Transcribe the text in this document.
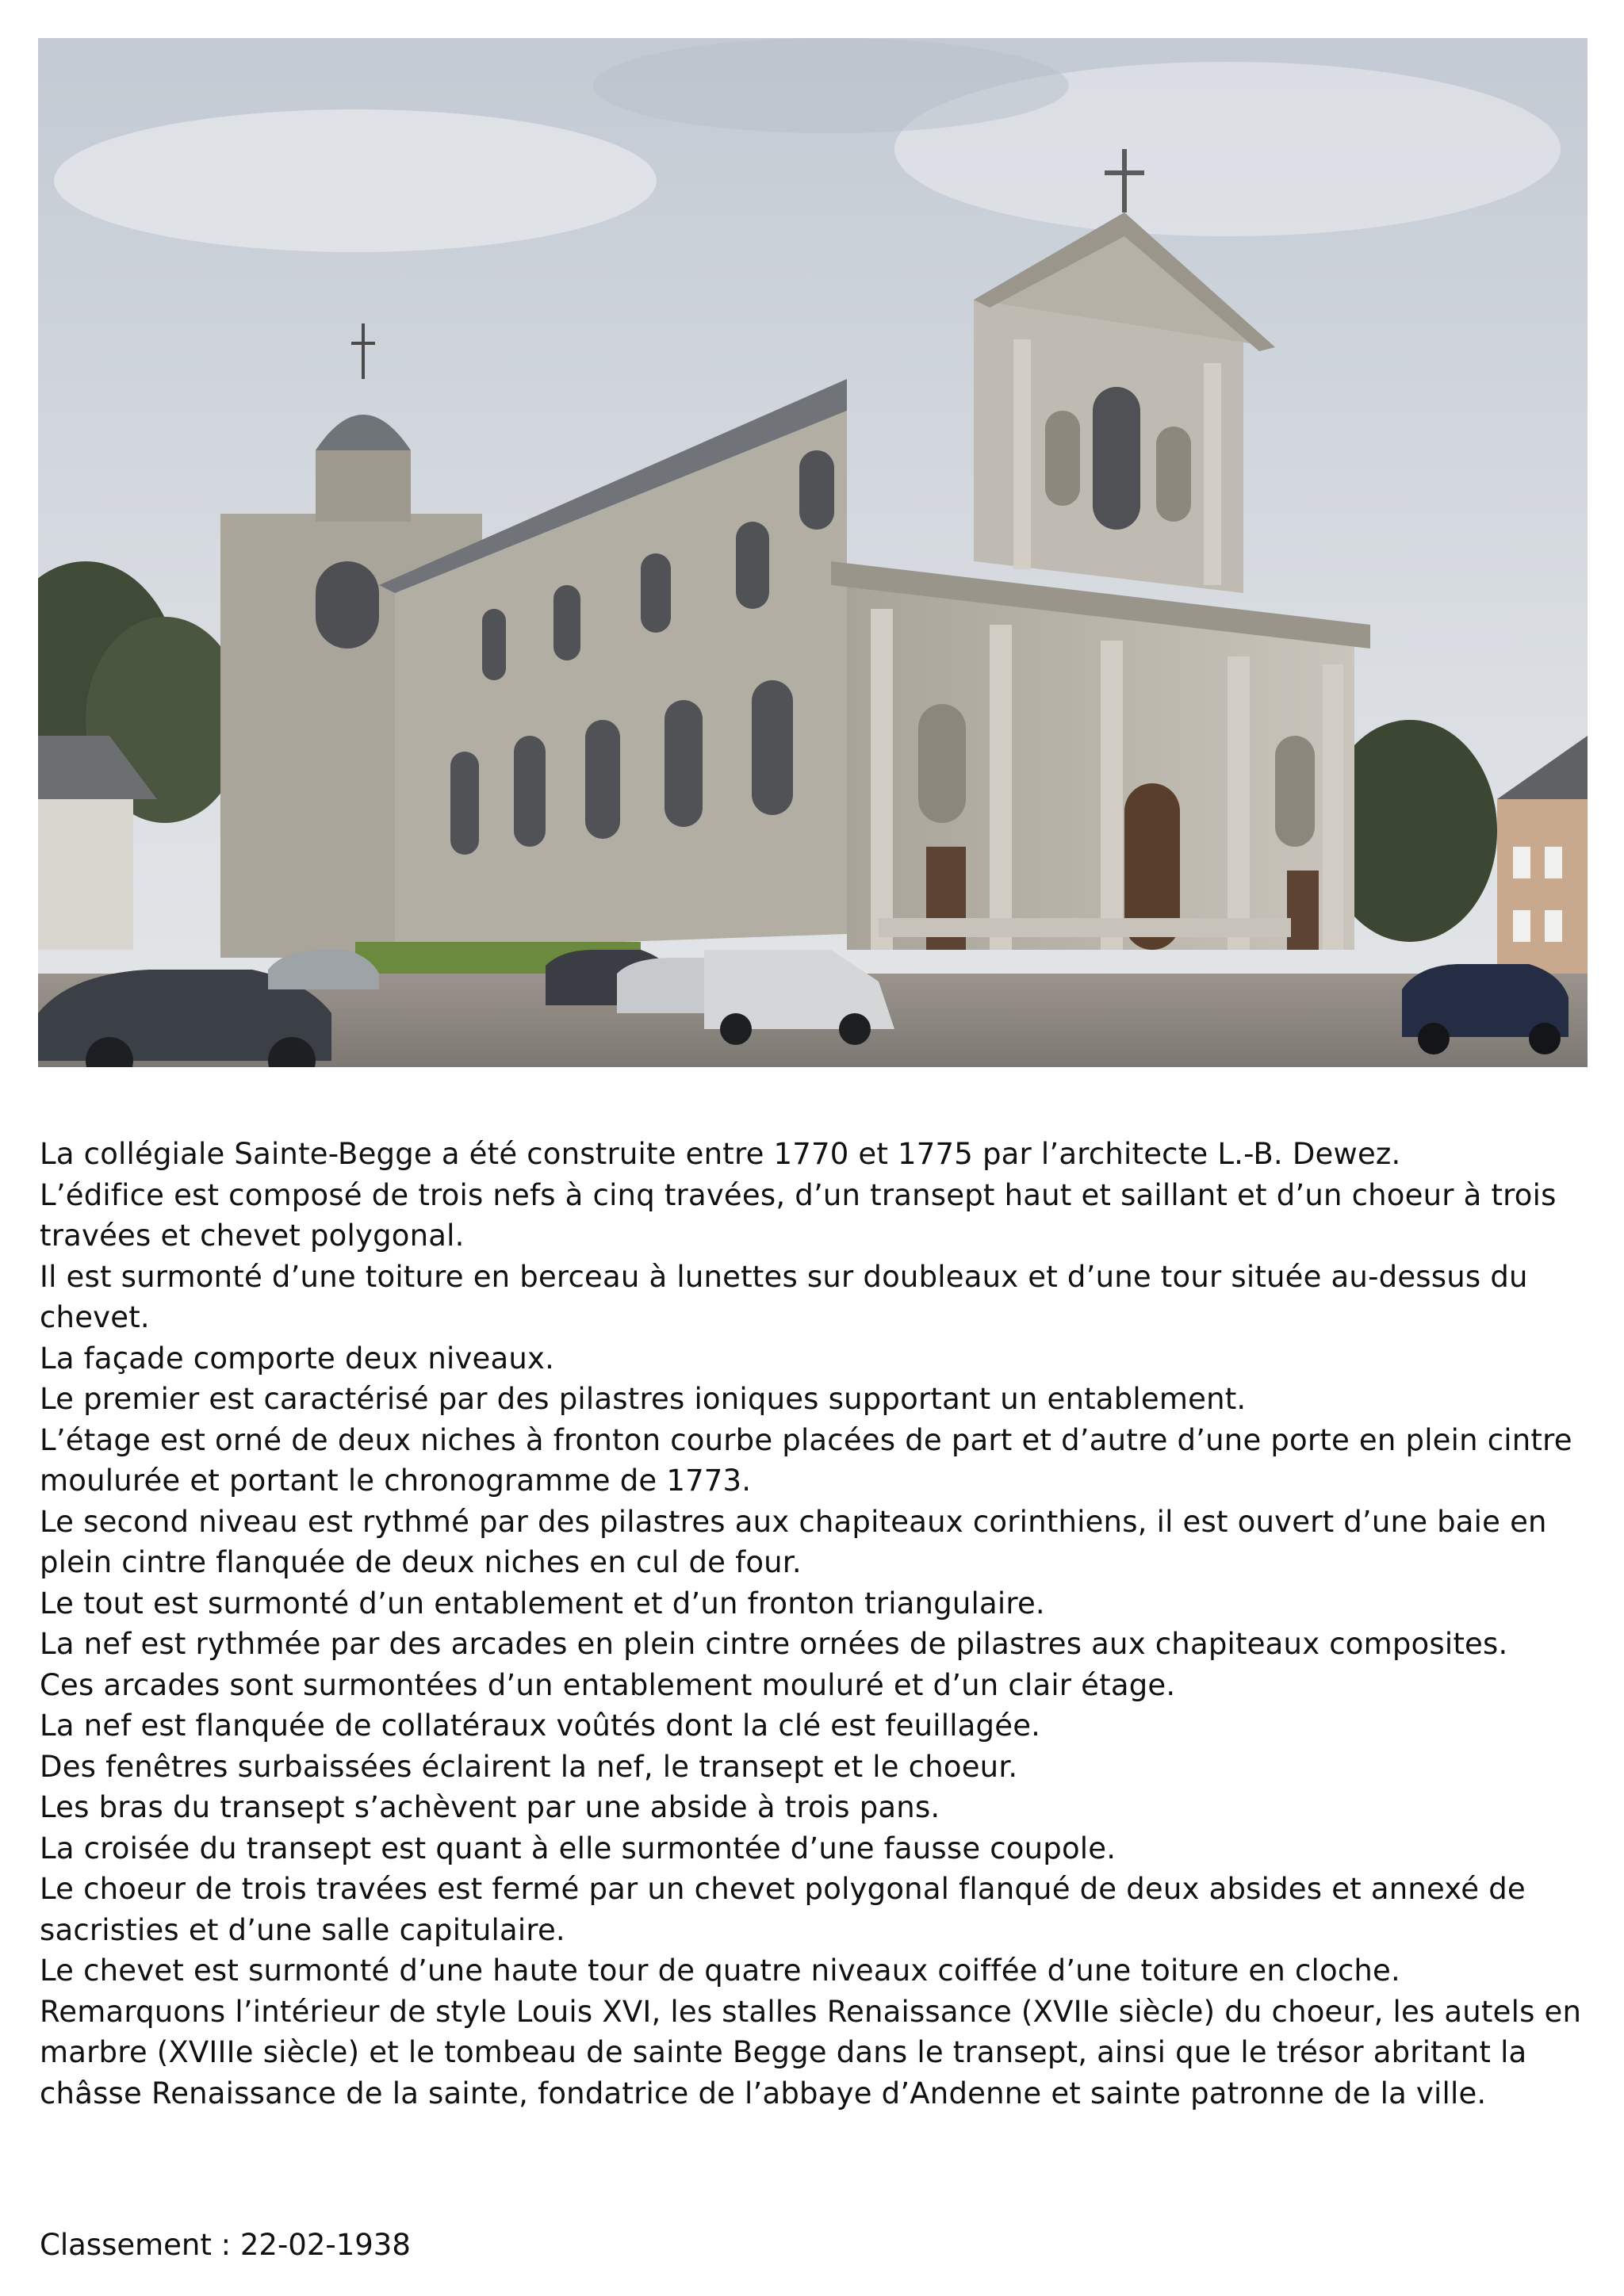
La collégiale Sainte-Begge a été construite entre 1770 et 1775 par l’architecte L.-B. Dewez.

L’édifice est composé de trois nefs à cinq travées, d’un transept haut et saillant et d’un choeur à trois travées et chevet polygonal.

Il est surmonté d’une toiture en berceau à lunettes sur doubleaux et d’une tour située au-dessus du chevet.

La façade comporte deux niveaux.

Le premier est caractérisé par des pilastres ioniques supportant un entablement.

L’étage est orné de deux niches à fronton courbe placées de part et d’autre d’une porte en plein cintre moulurée et portant le chronogramme de 1773.

Le second niveau est rythmé par des pilastres aux chapiteaux corinthiens, il est ouvert d’une baie en plein cintre flanquée de deux niches en cul de four.

Le tout est surmonté d’un entablement et d’un fronton triangulaire.

La nef est rythmée par des arcades en plein cintre ornées de pilastres aux chapiteaux composites.

Ces arcades sont surmontées d’un entablement mouluré et d’un clair étage.

La nef est flanquée de collatéraux voûtés dont la clé est feuillagée.

Des fenêtres surbaissées éclairent la nef, le transept et le choeur.

Les bras du transept s’achèvent par une abside à trois pans.

La croisée du transept est quant à elle surmontée d’une fausse coupole.

Le choeur de trois travées est fermé par un chevet polygonal flanqué de deux absides et annexé de sacristies et d’une salle capitulaire.

Le chevet est surmonté d’une haute tour de quatre niveaux coiffée d’une toiture en cloche.

Remarquons l’intérieur de style Louis XVI, les stalles Renaissance (XVIIe siècle) du choeur, les autels en marbre (XVIIIe siècle) et le tombeau de sainte Begge dans le transept, ainsi que le trésor abritant la châsse Renaissance de la sainte, fondatrice de l’abbaye d’Andenne et sainte patronne de la ville.

Classement : 22-02-1938
